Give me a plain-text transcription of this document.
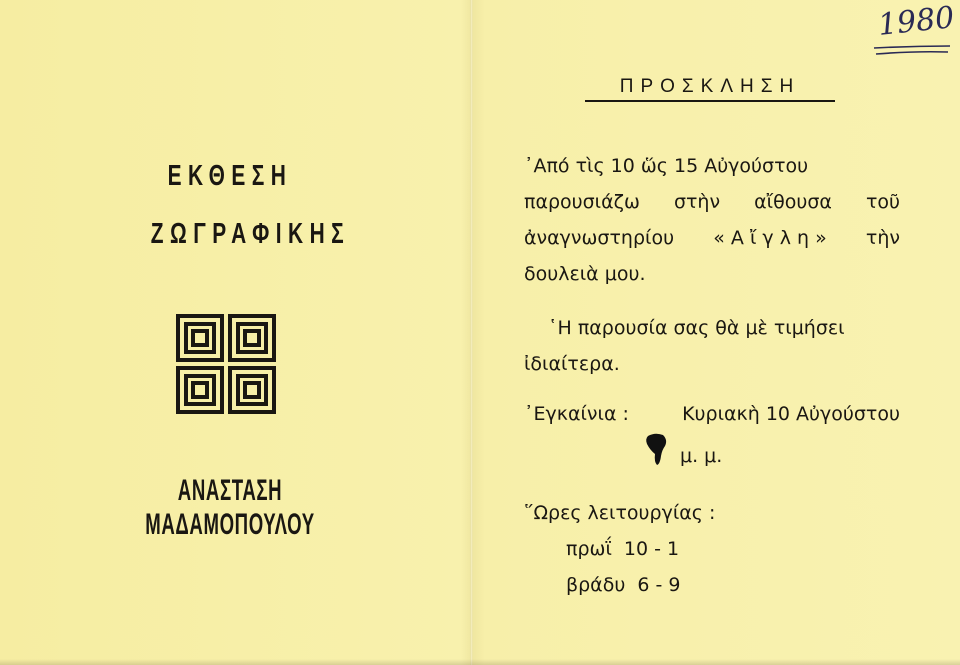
ΕΚΘΕΣΗ
ΖΩΓΡΑΦΙΚΗΣ
ΑΝΑΣΤΑΣΗ ΜΑΔΑΜΟΠΟΥΛΟΥ
1980
ΠΡΟΣΚΛΗΣΗ
᾿Από τὶς 10 ὥς 15 Αὐγούστου
παρουσιάζω στὴν αἴθουσα τοῦ
ἀναγνωστηρίου « Α ἴ γ λ η » τὴν
δουλειὰ μου.
῾Η παρουσία σας θὰ μὲ τιμήσει
ἰδιαίτερα.
᾿Εγκαίνια :	Κυριακὴ 10 Αὐγούστου
μ. μ.
῞Ωρες λειτουργίας :
πρωΐ  10 - 1
βράδυ  6 - 9
